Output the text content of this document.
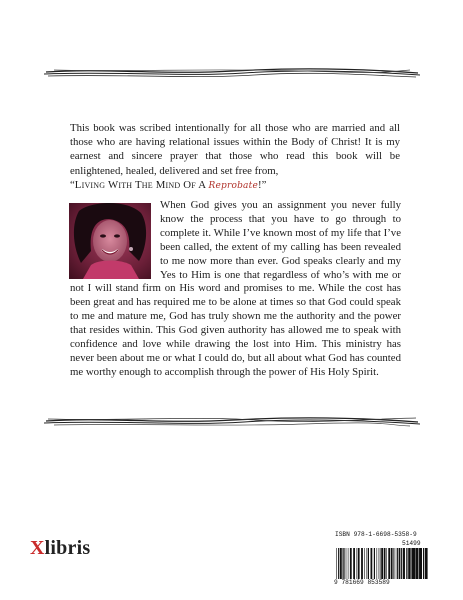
This book was scribed intentionally for all those who are married and all those who are having relational issues within the Body of Christ! It is my earnest and sincere prayer that those who read this book will be enlightened, healed, delivered and set free from,
“Living With The Mind Of A Reprobate!”

When God gives you an assignment you never fully know the process that you have to go through to complete it. While I’ve known most of my life that I’ve been called, the extent of my calling has been revealed to me now more than ever. God speaks clearly and my Yes to Him is one that regardless of who’s with me or not I will stand firm on His word and promises to me. While the cost has been great and has required me to be alone at times so that God could speak to me and mature me, God has truly shown me the authority and the power that resides within. This God given authority has allowed me to speak with confidence and love while drawing the lost into Him. This ministry has never been about me or what I could do, but all about what God has counted me worthy enough to accomplish through the power of His Holy Spirit.

Xlibris
ISBN 978-1-6698-5358-9
51499
9 781669 853589
